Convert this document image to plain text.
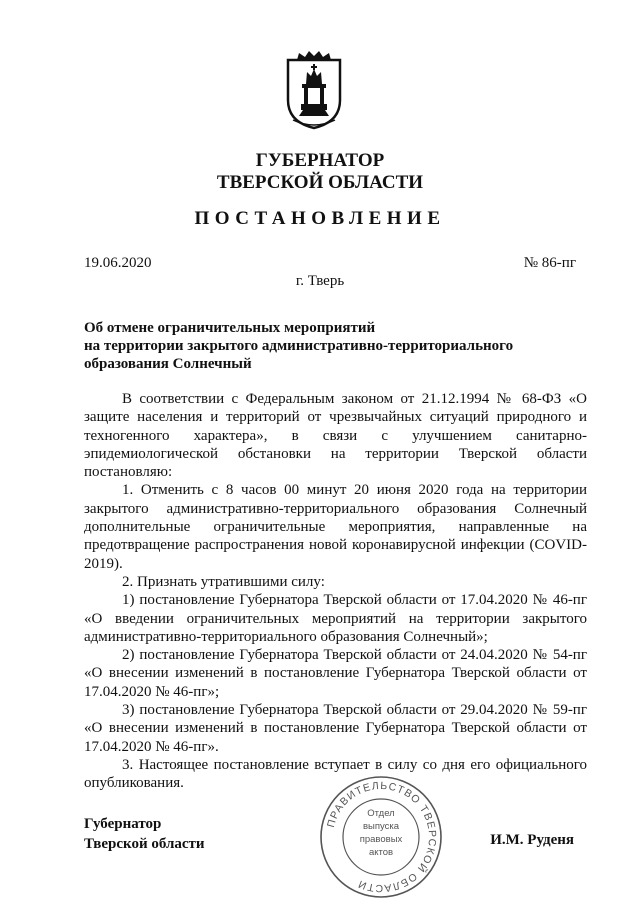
ГУБЕРНАТОР
ТВЕРСКОЙ ОБЛАСТИ
ПОСТАНОВЛЕНИЕ
19.06.2020	№ 86-пг
г. Тверь
Об отмене ограничительных мероприятий
на территории закрытого административно-территориального
образования Солнечный
В соответствии с Федеральным законом от 21.12.1994 № 68-ФЗ «О защите населения и территорий от чрезвычайных ситуаций природного и техногенного характера», в связи с улучшением санитарно-эпидемиологической обстановки на территории Тверской области постановляю:
1. Отменить с 8 часов 00 минут 20 июня 2020 года на территории закрытого административно-территориального образования Солнечный дополнительные ограничительные мероприятия, направленные на предотвращение распространения новой коронавирусной инфекции (COVID-2019).
2. Признать утратившими силу:
1) постановление Губернатора Тверской области от 17.04.2020 № 46-пг «О введении ограничительных мероприятий на территории закрытого административно-территориального образования Солнечный»;
2) постановление Губернатора Тверской области от 24.04.2020 № 54-пг «О внесении изменений в постановление Губернатора Тверской области от 17.04.2020 № 46-пг»;
3) постановление Губернатора Тверской области от 29.04.2020 № 59-пг «О внесении изменений в постановление Губернатора Тверской области от 17.04.2020 № 46-пг».
3. Настоящее постановление вступает в силу со дня его официального опубликования.
Губернатор
Тверской области	И.М. Руденя
ПРАВИТЕЛЬСТВО ТВЕРСКОЙ ОБЛАСТИ
Отдел выпуска правовых актов
